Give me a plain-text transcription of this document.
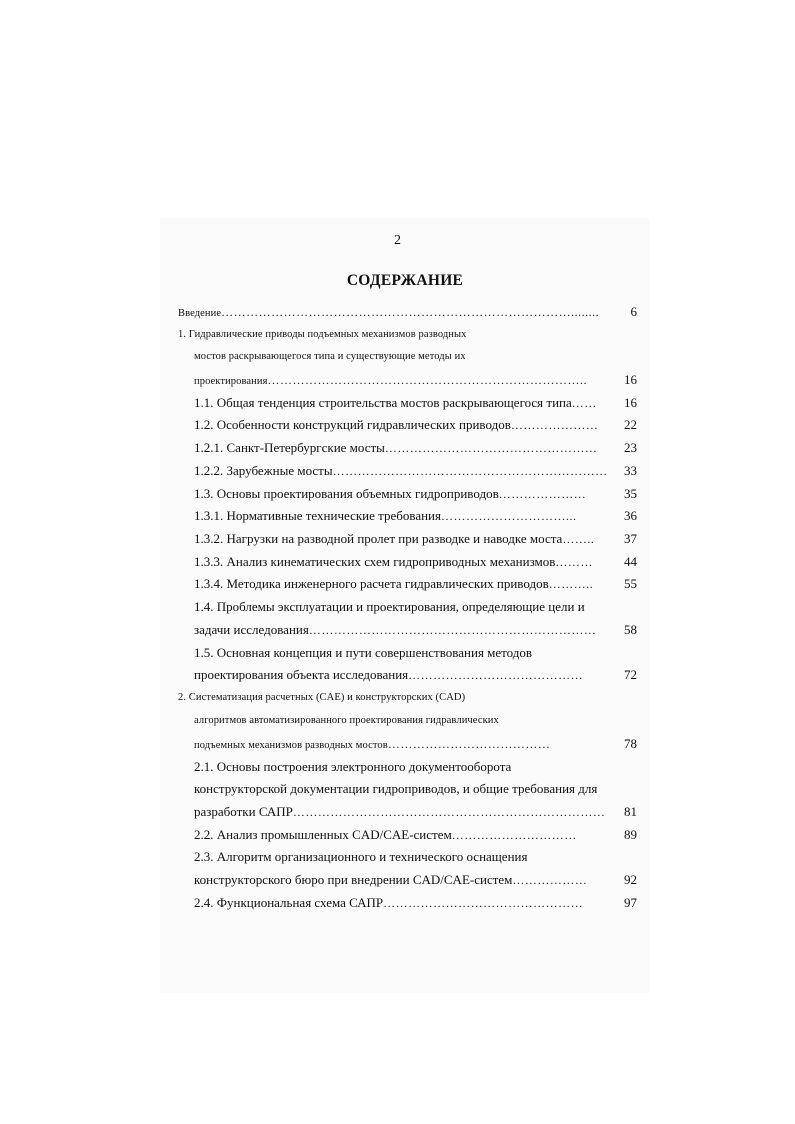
2
СОДЕРЖАНИЕ
Введение…………………………………………………………………………........	6
1. Гидравлические приводы подъемных механизмов разводных
мостов раскрывающегося типа и существующие методы их
проектирования…………………………………………………………………..	16
1.1. Общая тенденция строительства мостов раскрывающегося типа……	16
1.2. Особенности конструкций гидравлических приводов…………………	22
1.2.1. Санкт-Петербургские мосты……………………………………………	23
1.2.2. Зарубежные мосты…………………………………………………………	33
1.3. Основы проектирования объемных гидроприводов…………………	35
1.3.1. Нормативные технические требования…………………………...	36
1.3.2. Нагрузки на разводной пролет при разводке и наводке моста……..	37
1.3.3. Анализ кинематических схем гидроприводных механизмов………	44
1.3.4. Методика инженерного расчета гидравлических приводов………..	55
1.4. Проблемы эксплуатации и проектирования, определяющие цели и
задачи исследования……………………………………………………………	58
1.5. Основная концепция и пути совершенствования методов
проектирования объекта исследования……………………………………	72
2. Систематизация расчетных (CAE) и конструкторских (CAD)
алгоритмов автоматизированного проектирования гидравлических
подъемных механизмов разводных мостов…………………………………	78
2.1. Основы построения электронного документооборота
конструкторской документации гидроприводов, и общие требования для
разработки САПР…………………………………………………………………	81
2.2. Анализ промышленных CAD/CAE-систем…………………………	89
2.3. Алгоритм организационного и технического оснащения
конструкторского бюро при внедрении CAD/CAE-систем………………	92
2.4. Функциональная схема САПР…………………………………………	97
